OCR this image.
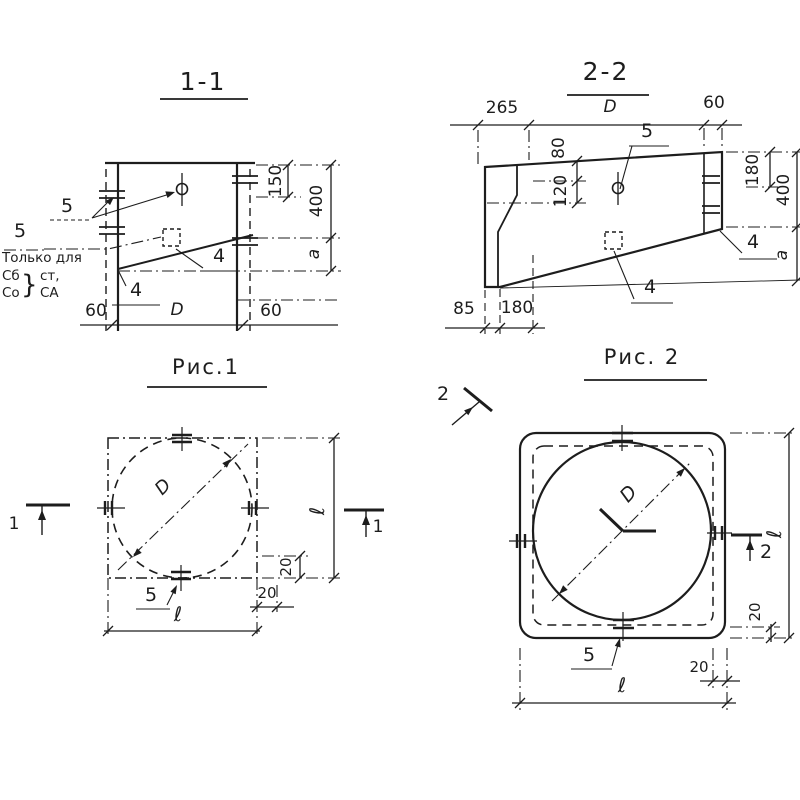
1-1
150
400
а
60	D	60
5
5
Только для
Сб
Со } ст,
СА	4
4
2-2
265	D	60
5
4
4
80
120
180
400
а
85 180
Рис.1
D
1	1
ℓ
20
20
ℓ
5
Рис. 2
2
D
2
ℓ
20
20
ℓ
5
